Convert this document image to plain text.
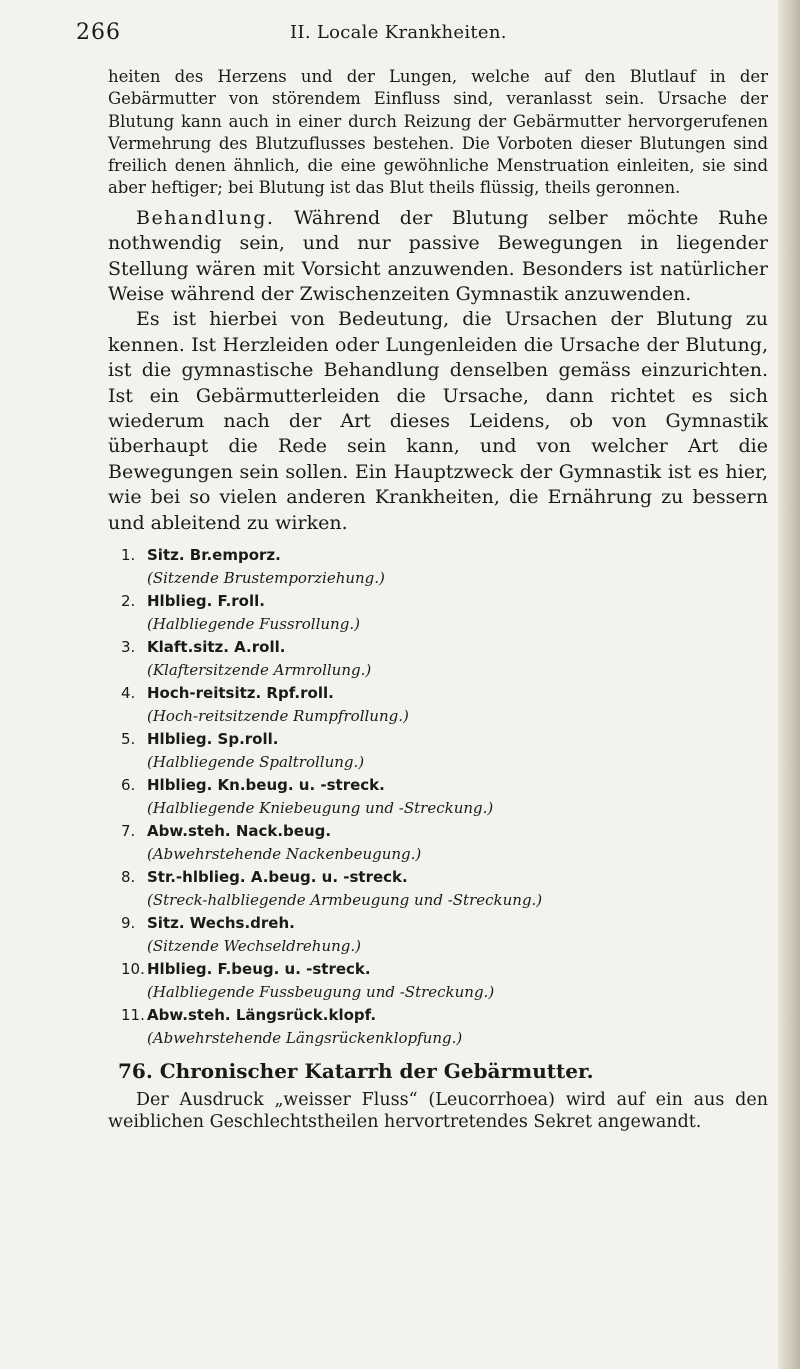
266	II. Locale Krankheiten.

heiten des Herzens und der Lungen, welche auf den Blutlauf in der Gebärmutter von störendem Einfluss sind, veranlasst sein. Ursache der Blutung kann auch in einer durch Reizung der Gebärmutter hervorgerufenen Vermehrung des Blutzuflusses bestehen. Die Vorboten dieser Blutungen sind freilich denen ähnlich, die eine gewöhnliche Menstruation einleiten, sie sind aber heftiger; bei Blutung ist das Blut theils flüssig, theils geronnen.

Behandlung. Während der Blutung selber möchte Ruhe nothwendig sein, und nur passive Bewegungen in liegender Stellung wären mit Vorsicht anzuwenden. Besonders ist natürlicher Weise während der Zwischenzeiten Gymnastik anzuwenden.

Es ist hierbei von Bedeutung, die Ursachen der Blutung zu kennen. Ist Herzleiden oder Lungenleiden die Ursache der Blutung, ist die gymnastische Behandlung denselben gemäss einzurichten. Ist ein Gebärmutterleiden die Ursache, dann richtet es sich wiederum nach der Art dieses Leidens, ob von Gymnastik überhaupt die Rede sein kann, und von welcher Art die Bewegungen sein sollen. Ein Hauptzweck der Gymnastik ist es hier, wie bei so vielen anderen Krankheiten, die Ernährung zu bessern und ableitend zu wirken.

1. Sitz. Br.emporz.
(Sitzende Brustemporziehung.)
2. Hlblieg. F.roll.
(Halbliegende Fussrollung.)
3. Klaft.sitz. A.roll.
(Klaftersitzende Armrollung.)
4. Hoch-reitsitz. Rpf.roll.
(Hoch-reitsitzende Rumpfrollung.)
5. Hlblieg. Sp.roll.
(Halbliegende Spaltrollung.)
6. Hlblieg. Kn.beug. u. -streck.
(Halbliegende Kniebeugung und -Streckung.)
7. Abw.steh. Nack.beug.
(Abwehrstehende Nackenbeugung.)
8. Str.-hlblieg. A.beug. u. -streck.
(Streck-halbliegende Armbeugung und -Streckung.)
9. Sitz. Wechs.dreh.
(Sitzende Wechseldrehung.)
10. Hlblieg. F.beug. u. -streck.
(Halbliegende Fussbeugung und -Streckung.)
11. Abw.steh. Längsrück.klopf.
(Abwehrstehende Längsrückenklopfung.)
76. Chronischer Katarrh der Gebärmutter.

Der Ausdruck „weisser Fluss“ (Leucorrhoea) wird auf ein aus den weiblichen Geschlechtstheilen hervortretendes Sekret angewandt.
